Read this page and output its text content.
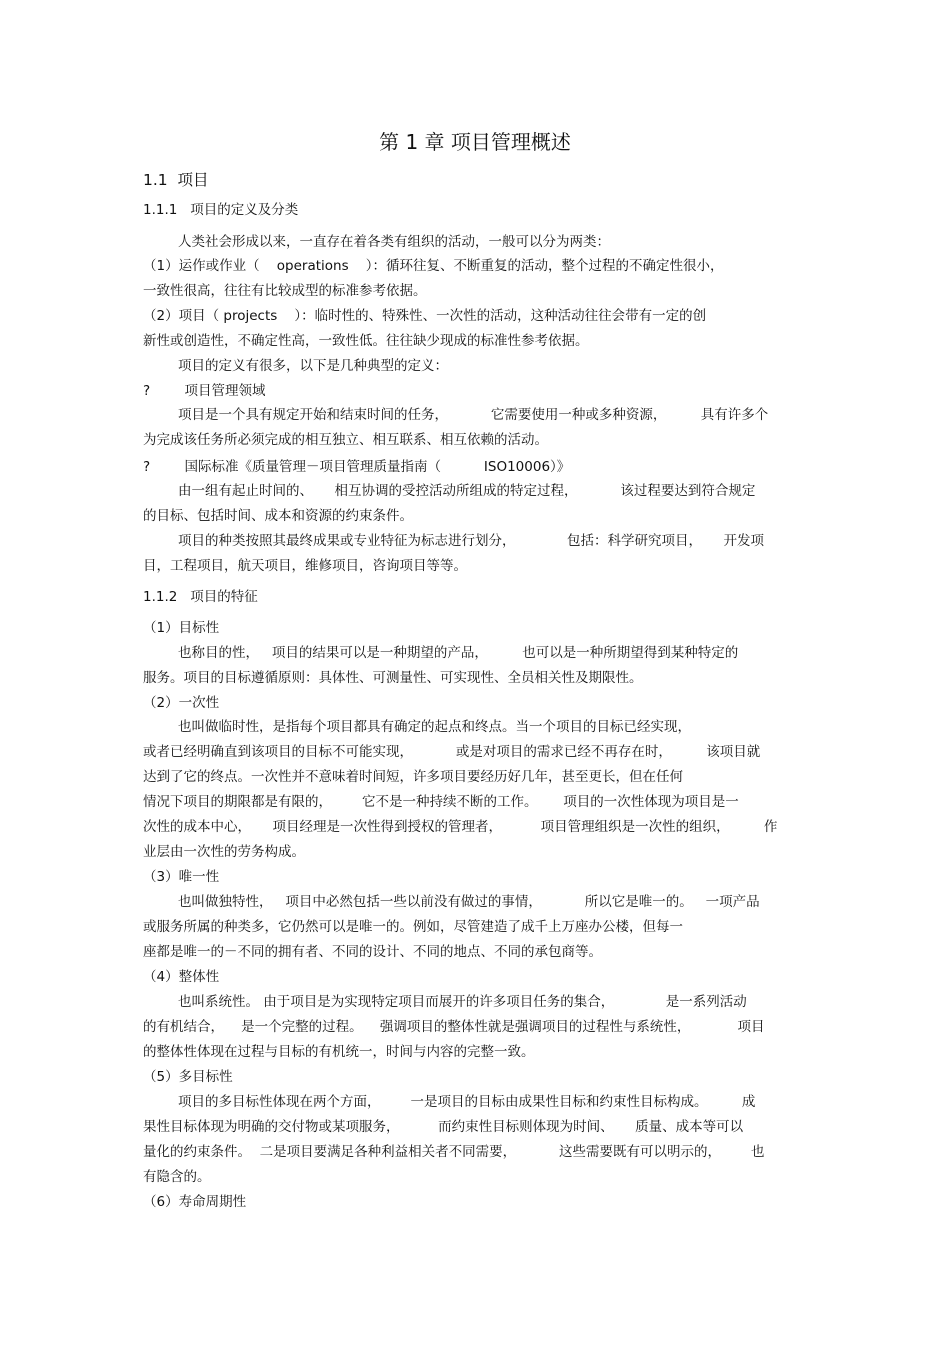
第 1 章 项目管理概述
1.1  项目
1.1.1   项目的定义及分类
人类社会形成以来，一直存在着各类有组织的活动，一般可以分为两类：
（1）运作或作业（    operations    ）：循环往复、不断重复的活动，整个过程的不确定性很小，
一致性很高，往往有比较成型的标准参考依据。
（2）项目（ projects    ）：临时性的、特殊性、一次性的活动，这种活动往往会带有一定的创
新性或创造性，不确定性高，一致性低。往往缺少现成的标准性参考依据。
项目的定义有很多，以下是几种典型的定义：
?        项目管理领域
项目是一个具有规定开始和结束时间的任务，          它需要使用一种或多种资源，        具有许多个
为完成该任务所必须完成的相互独立、相互联系、相互依赖的活动。
?        国际标准《质量管理－项目管理质量指南（          ISO10006）》
由一组有起止时间的、     相互协调的受控活动所组成的特定过程，          该过程要达到符合规定
的目标、包括时间、成本和资源的约束条件。
项目的种类按照其最终成果或专业特征为标志进行划分，            包括：科学研究项目，     开发项
目，工程项目，航天项目，维修项目，咨询项目等等。
1.1.2   项目的特征
（1）目标性
也称目的性，   项目的结果可以是一种期望的产品，        也可以是一种所期望得到某种特定的
服务。项目的目标遵循原则：具体性、可测量性、可实现性、全员相关性及期限性。
（2）一次性
也叫做临时性，是指每个项目都具有确定的起点和终点。当一个项目的目标已经实现，
或者已经明确直到该项目的目标不可能实现，          或是对项目的需求已经不再存在时，        该项目就
达到了它的终点。一次性并不意味着时间短，许多项目要经历好几年，甚至更长，但在任何
情况下项目的期限都是有限的，       它不是一种持续不断的工作。      项目的一次性体现为项目是一
次性的成本中心，     项目经理是一次性得到授权的管理者，         项目管理组织是一次性的组织，        作
业层由一次性的劳务构成。
（3）唯一性
也叫做独特性，   项目中必然包括一些以前没有做过的事情，          所以它是唯一的。   一项产品
或服务所属的种类多，它仍然可以是唯一的。例如，尽管建造了成千上万座办公楼，但每一
座都是唯一的－不同的拥有者、不同的设计、不同的地点、不同的承包商等。
（4）整体性
也叫系统性。 由于项目是为实现特定项目而展开的许多项目任务的集合，            是一系列活动
的有机结合，    是一个完整的过程。    强调项目的整体性就是强调项目的过程性与系统性，           项目
的整体性体现在过程与目标的有机统一，时间与内容的完整一致。
（5）多目标性
项目的多目标性体现在两个方面，       一是项目的目标由成果性目标和约束性目标构成。        成
果性目标体现为明确的交付物或某项服务，         而约束性目标则体现为时间、     质量、成本等可以
量化的约束条件。  二是项目要满足各种利益相关者不同需要，          这些需要既有可以明示的，       也
有隐含的。
（6）寿命周期性
